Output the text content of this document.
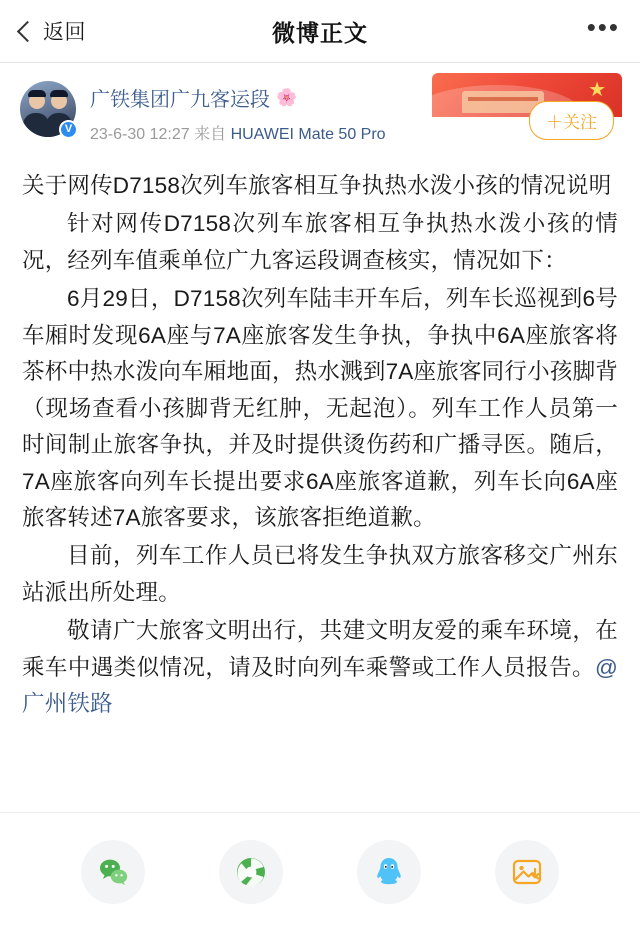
返回	微博正文	•••
V
广铁集团广九客运段 🌸
23-6-30 12:27 来自 HUAWEI Mate 50 Pro
★
＋关注

关于网传D7158次列车旅客相互争执热水泼小孩的情况说明

针对网传D7158次列车旅客相互争执热水泼小孩的情况，经列车值乘单位广九客运段调查核实，情况如下：

6月29日，D7158次列车陆丰开车后，列车长巡视到6号车厢时发现6A座与7A座旅客发生争执，争执中6A座旅客将茶杯中热水泼向车厢地面，热水溅到7A座旅客同行小孩脚背（现场查看小孩脚背无红肿，无起泡）。列车工作人员第一时间制止旅客争执，并及时提供烫伤药和广播寻医。随后，7A座旅客向列车长提出要求6A座旅客道歉，列车长向6A座旅客转述7A旅客要求，该旅客拒绝道歉。

目前，列车工作人员已将发生争执双方旅客移交广州东站派出所处理。

敬请广大旅客文明出行，共建文明友爱的乘车环境，在乘车中遇类似情况，请及时向列车乘警或工作人员报告。@广州铁路
